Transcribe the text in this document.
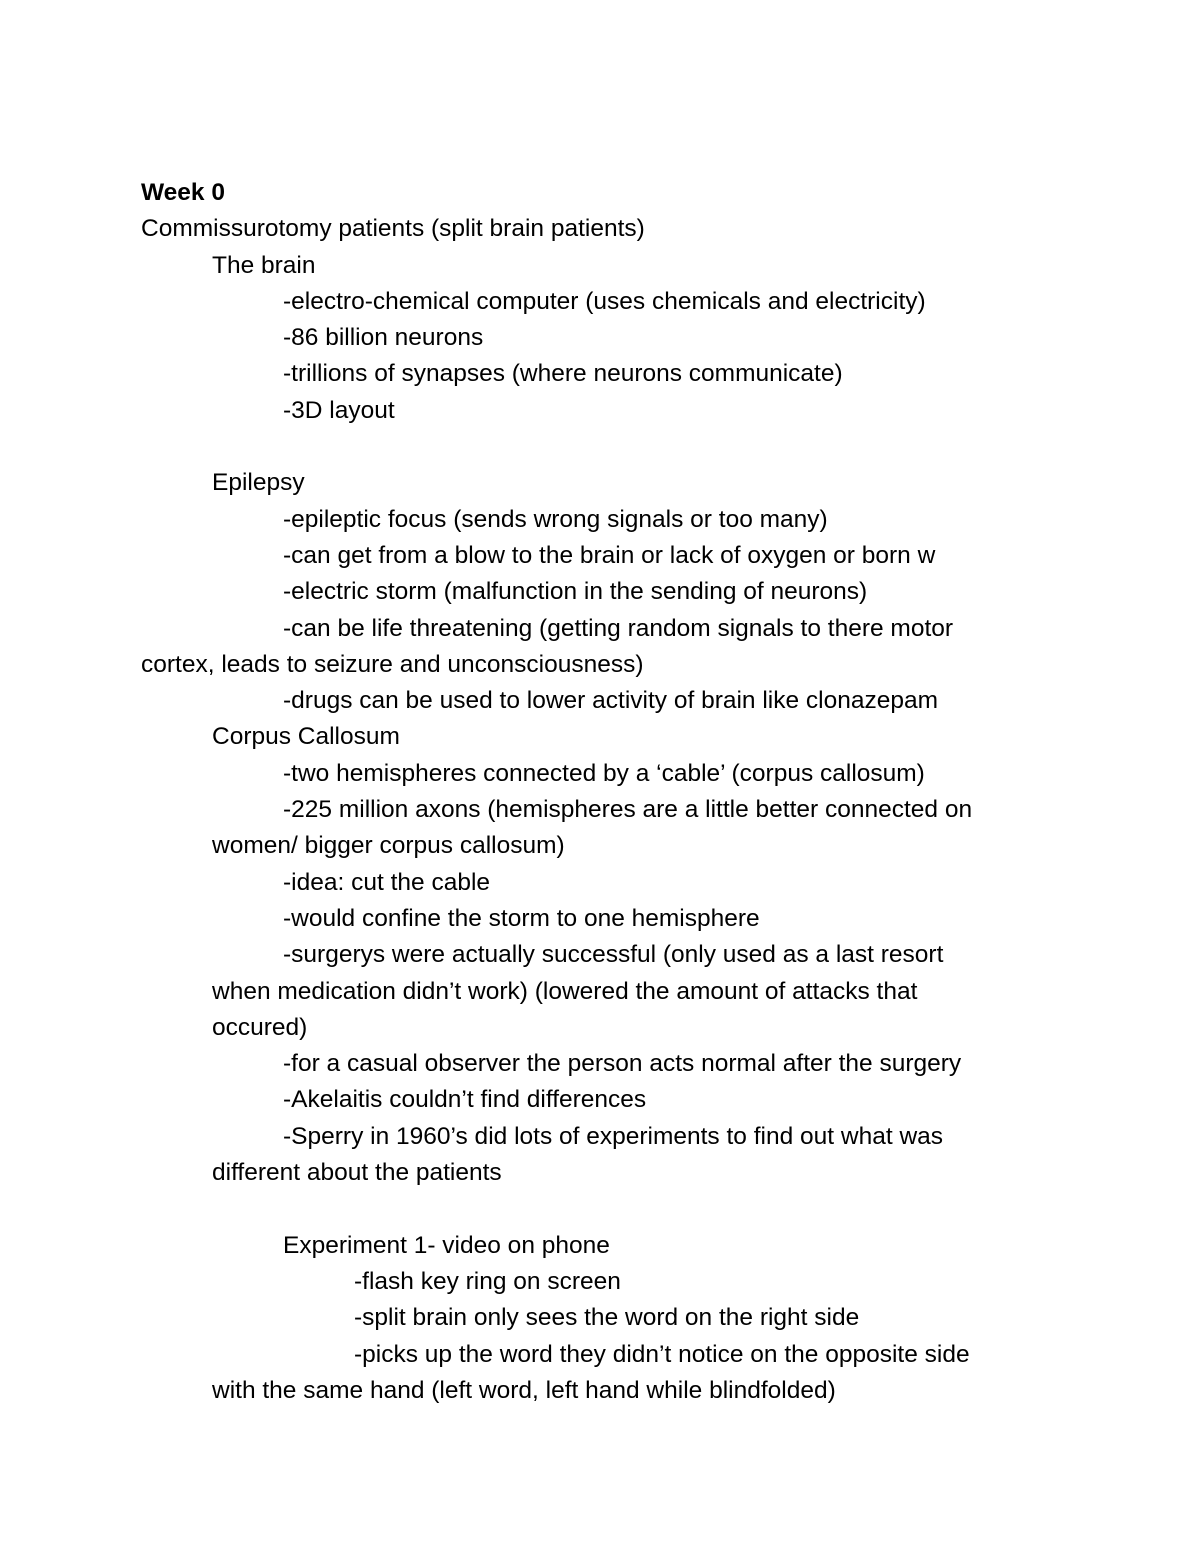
Week 0
Commissurotomy patients (split brain patients)
The brain
-electro-chemical computer (uses chemicals and electricity)
-86 billion neurons
-trillions of synapses (where neurons communicate)
-3D layout
Epilepsy
-epileptic focus (sends wrong signals or too many)
-can get from a blow to the brain or lack of oxygen or born w
-electric storm (malfunction in the sending of neurons)
-can be life threatening (getting random signals to there motor
cortex, leads to seizure and unconsciousness)
-drugs can be used to lower activity of brain like clonazepam
Corpus Callosum
-two hemispheres connected by a ‘cable’ (corpus callosum)
-225 million axons (hemispheres are a little better connected on
women/ bigger corpus callosum)
-idea: cut the cable
-would confine the storm to one hemisphere
-surgerys were actually successful (only used as a last resort
when medication didn’t work) (lowered the amount of attacks that
occured)
-for a casual observer the person acts normal after the surgery
-Akelaitis couldn’t find differences
-Sperry in 1960’s did lots of experiments to find out what was
different about the patients
Experiment 1- video on phone
-flash key ring on screen
-split brain only sees the word on the right side
-picks up the word they didn’t notice on the opposite side
with the same hand (left word, left hand while blindfolded)
